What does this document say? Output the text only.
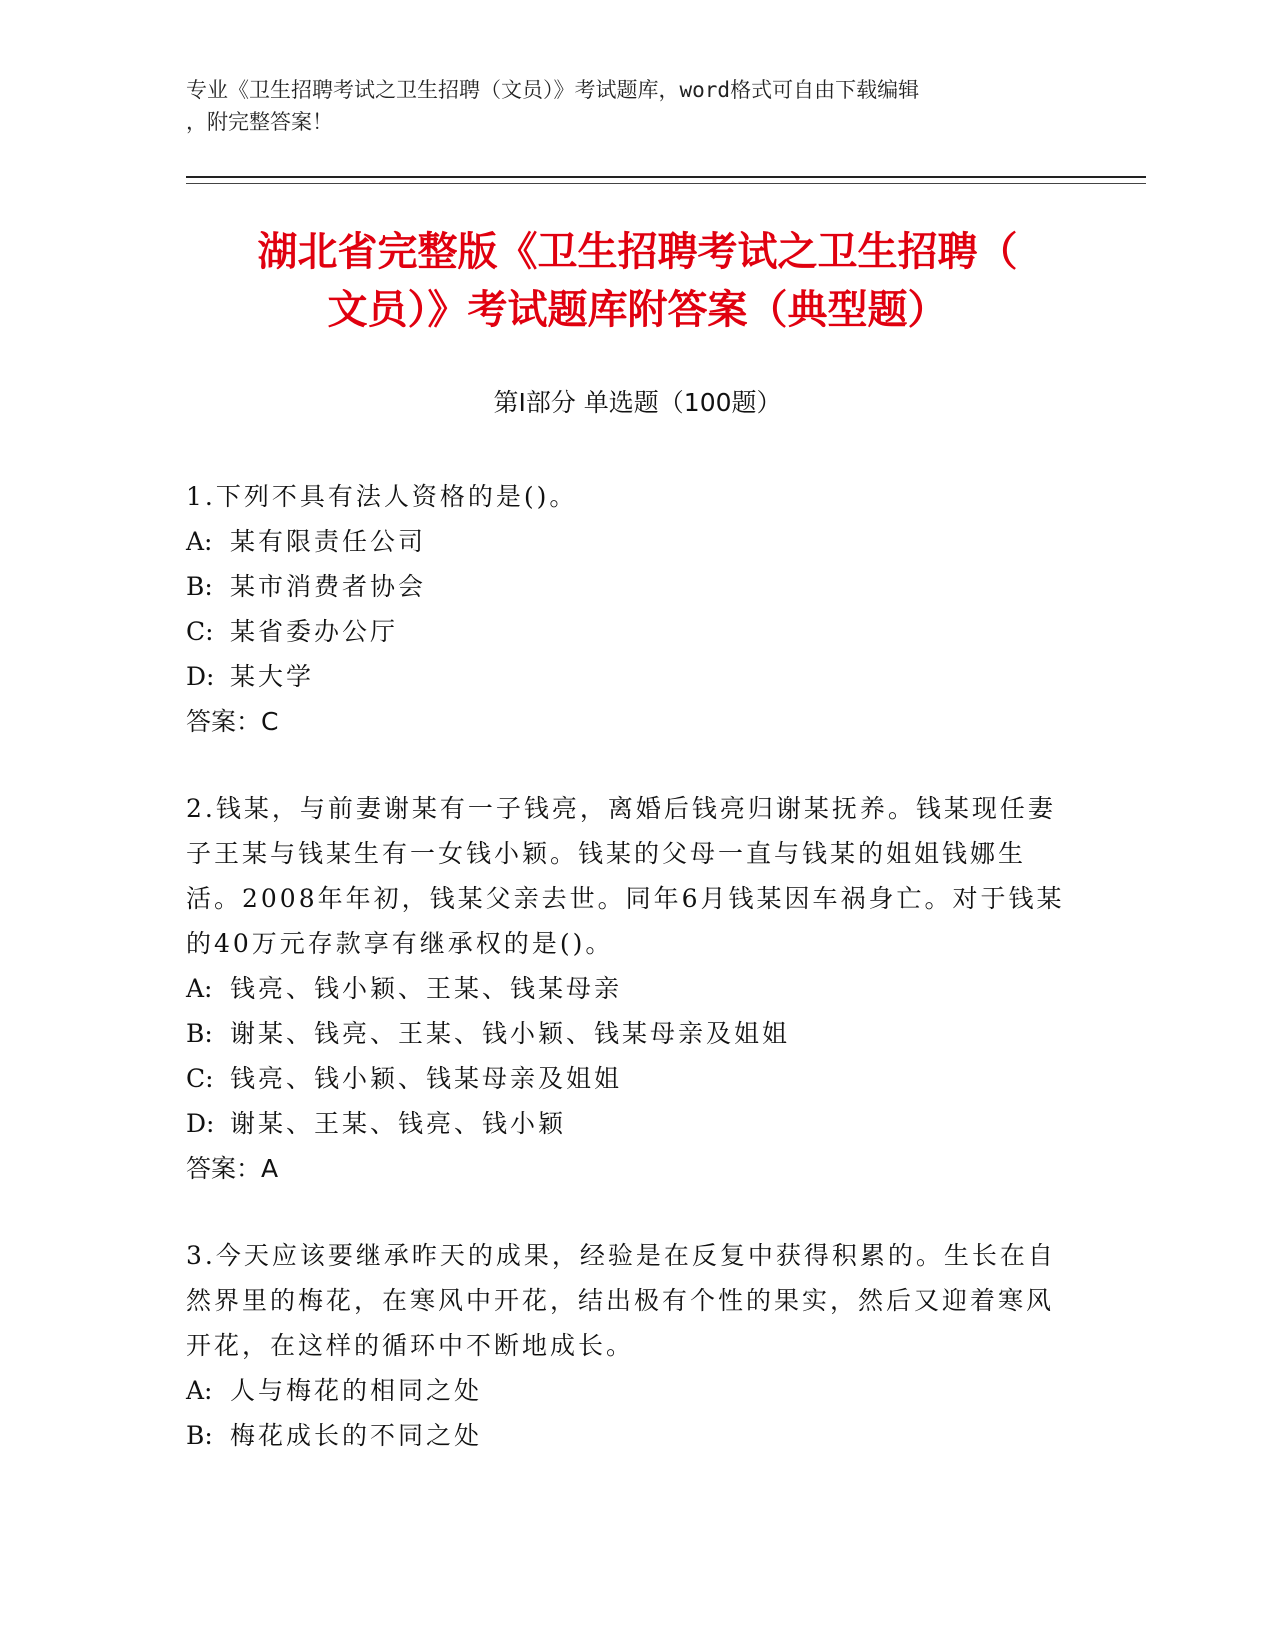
专业《卫生招聘考试之卫生招聘（文员）》考试题库，word格式可自由下载编辑
，附完整答案！
湖北省完整版《卫生招聘考试之卫生招聘（
文员）》考试题库附答案（典型题）
第Ⅰ部分 单选题（100题）

1.下列不具有法人资格的是()。

A: 某有限责任公司

B: 某市消费者协会

C: 某省委办公厅

D: 某大学

答案：C

2.钱某，与前妻谢某有一子钱亮，离婚后钱亮归谢某抚养。钱某现任妻子王某与钱某生有一女钱小颖。钱某的父母一直与钱某的姐姐钱娜生活。2008年年初，钱某父亲去世。同年6月钱某因车祸身亡。对于钱某的40万元存款享有继承权的是()。

A: 钱亮、钱小颖、王某、钱某母亲

B: 谢某、钱亮、王某、钱小颖、钱某母亲及姐姐

C: 钱亮、钱小颖、钱某母亲及姐姐

D: 谢某、王某、钱亮、钱小颖

答案：A

3.今天应该要继承昨天的成果，经验是在反复中获得积累的。生长在自然界里的梅花，在寒风中开花，结出极有个性的果实，然后又迎着寒风开花，在这样的循环中不断地成长。

A: 人与梅花的相同之处

B: 梅花成长的不同之处
